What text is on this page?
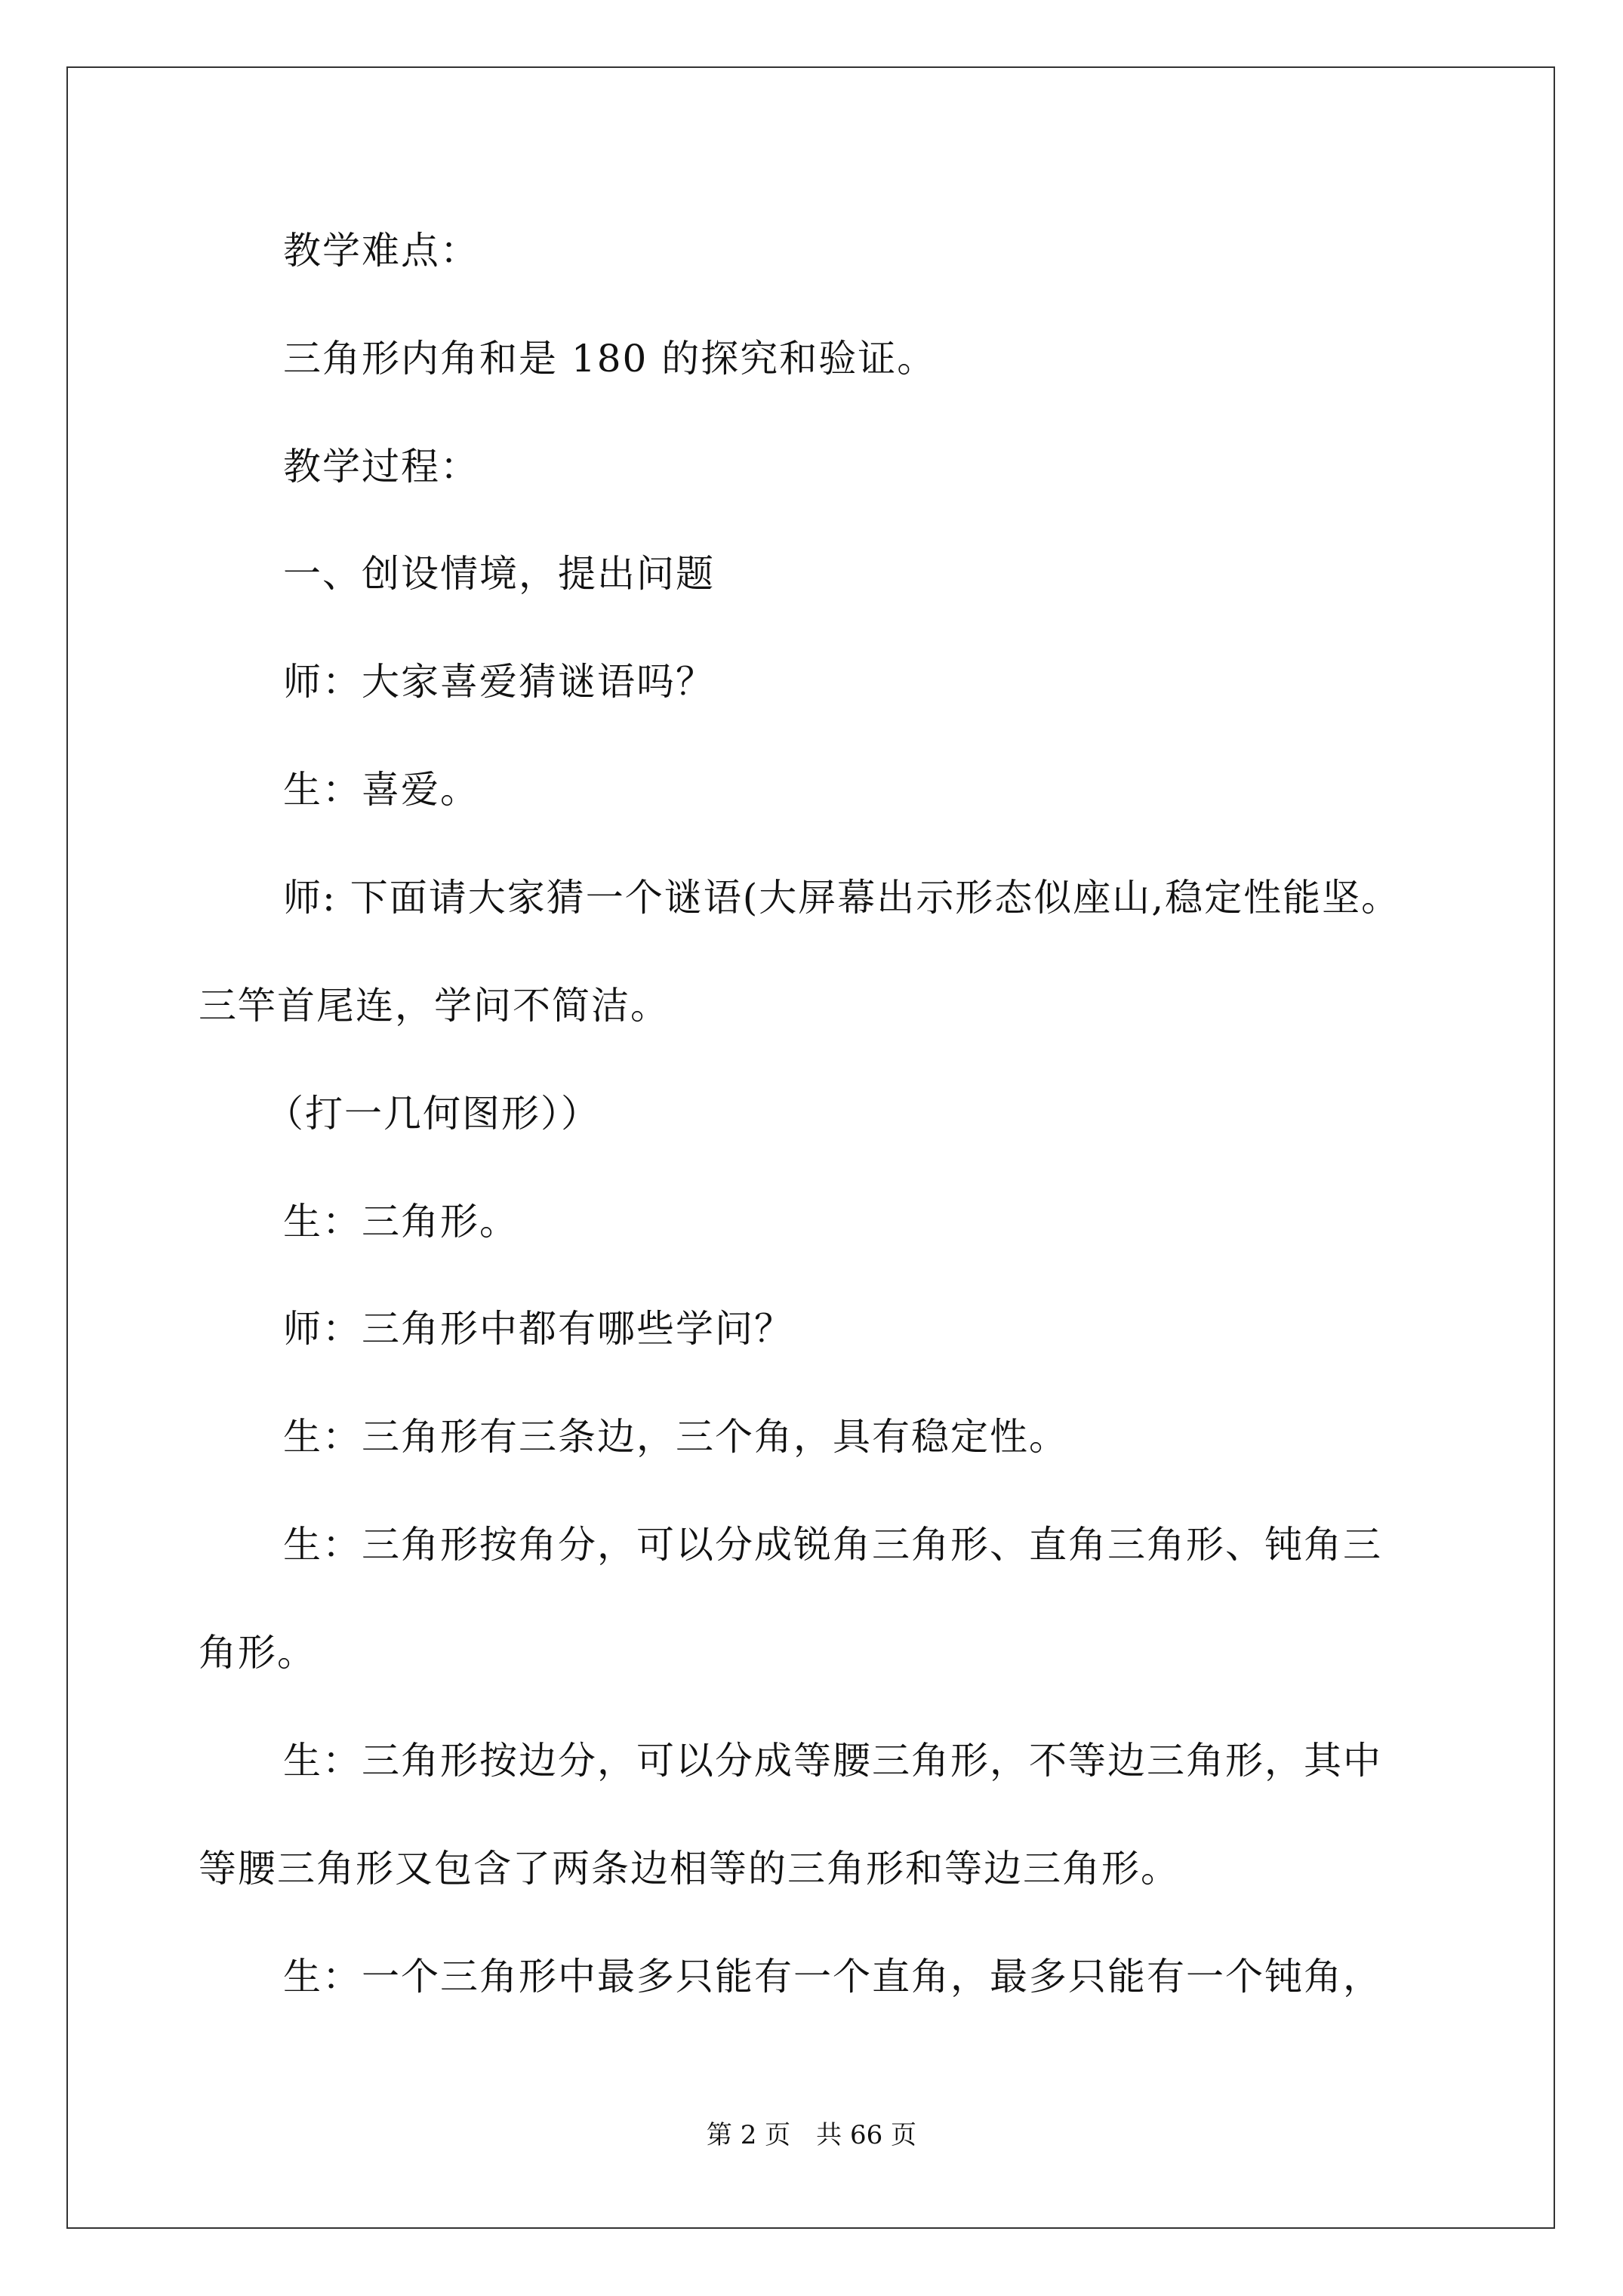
教学难点：
三角形内角和是 180 的探究和验证。
教学过程：
一、创设情境，提出问题
师：大家喜爱猜谜语吗？
生：喜爱。
师: 下面请大家猜一个谜语(大屏幕出示形态似座山,稳定性能坚。
三竿首尾连，学问不简洁。
（打一几何图形））
生：三角形。
师：三角形中都有哪些学问？
生：三角形有三条边，三个角，具有稳定性。
生：三角形按角分，可以分成锐角三角形、直角三角形、钝角三
角形。
生：三角形按边分，可以分成等腰三角形，不等边三角形，其中
等腰三角形又包含了两条边相等的三角形和等边三角形。
生：一个三角形中最多只能有一个直角，最多只能有一个钝角，
第 2 页　共 66 页
